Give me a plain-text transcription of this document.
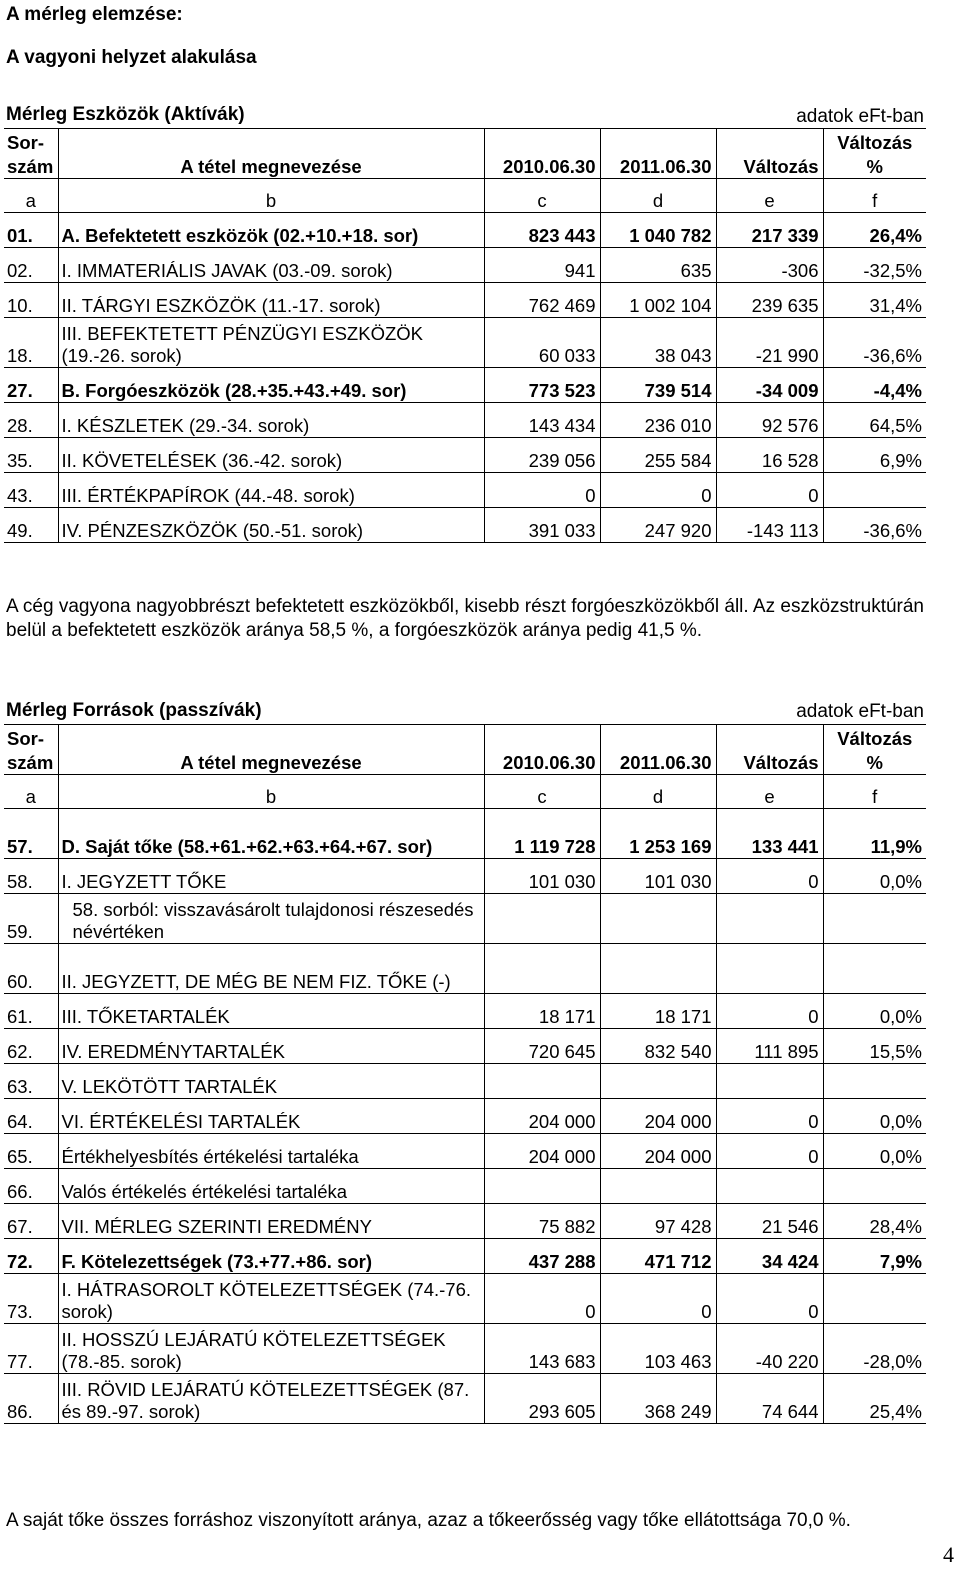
A mérleg elemzése:
A vagyoni helyzet alakulása
Mérleg Eszközök (Aktívák)	adatok eFt-ban
Sor-					Változás
szám	A tétel megnevezése	2010.06.30	2011.06.30	Változás	%
a	b	c	d	e	f
01.	A. Befektetett eszközök (02.+10.+18. sor)	823 443	1 040 782	217 339	26,4%
02.	I. IMMATERIÁLIS JAVAK (03.-09. sorok)	941	635	-306	-32,5%
10.	II. TÁRGYI ESZKÖZÖK (11.-17. sorok)	762 469	1 002 104	239 635	31,4%
18.	III. BEFEKTETETT PÉNZÜGYI ESZKÖZÖK (19.-26. sorok)	60 033	38 043	-21 990	-36,6%
27.	B. Forgóeszközök (28.+35.+43.+49. sor)	773 523	739 514	-34 009	-4,4%
28.	I. KÉSZLETEK (29.-34. sorok)	143 434	236 010	92 576	64,5%
35.	II. KÖVETELÉSEK (36.-42. sorok)	239 056	255 584	16 528	6,9%
43.	III. ÉRTÉKPAPÍROK (44.-48. sorok)	0	0	0	
49.	IV. PÉNZESZKÖZÖK (50.-51. sorok)	391 033	247 920	-143 113	-36,6%
A cég vagyona nagyobbrészt befektetett eszközökből, kisebb részt forgóeszközökből áll. Az eszközstruktúrán belül a befektetett eszközök aránya 58,5 %, a forgóeszközök aránya pedig 41,5 %.
Mérleg Források (passzívák)	adatok eFt-ban
Sor-					Változás
szám	A tétel megnevezése	2010.06.30	2011.06.30	Változás	%
a	b	c	d	e	f
57.	D. Saját tőke (58.+61.+62.+63.+64.+67. sor)	1 119 728	1 253 169	133 441	11,9%
58.	I. JEGYZETT TŐKE	101 030	101 030	0	0,0%
59.	58. sorból: visszavásárolt tulajdonosi részesedés névértéken				
60.	II. JEGYZETT, DE MÉG BE NEM FIZ. TŐKE (-)				
61.	III. TŐKETARTALÉK	18 171	18 171	0	0,0%
62.	IV. EREDMÉNYTARTALÉK	720 645	832 540	111 895	15,5%
63.	V. LEKÖTÖTT TARTALÉK				
64.	VI. ÉRTÉKELÉSI TARTALÉK	204 000	204 000	0	0,0%
65.	Értékhelyesbítés értékelési tartaléka	204 000	204 000	0	0,0%
66.	Valós értékelés értékelési tartaléka				
67.	VII. MÉRLEG SZERINTI EREDMÉNY	75 882	97 428	21 546	28,4%
72.	F. Kötelezettségek (73.+77.+86. sor)	437 288	471 712	34 424	7,9%
73.	I. HÁTRASOROLT KÖTELEZETTSÉGEK (74.-76. sorok)	0	0	0	
77.	II. HOSSZÚ LEJÁRATÚ KÖTELEZETTSÉGEK (78.-85. sorok)	143 683	103 463	-40 220	-28,0%
86.	III. RÖVID LEJÁRATÚ KÖTELEZETTSÉGEK (87. és 89.-97. sorok)	293 605	368 249	74 644	25,4%
A saját tőke összes forráshoz viszonyított aránya, azaz a tőkeerősség vagy tőke ellátottsága 70,0 %.
4
